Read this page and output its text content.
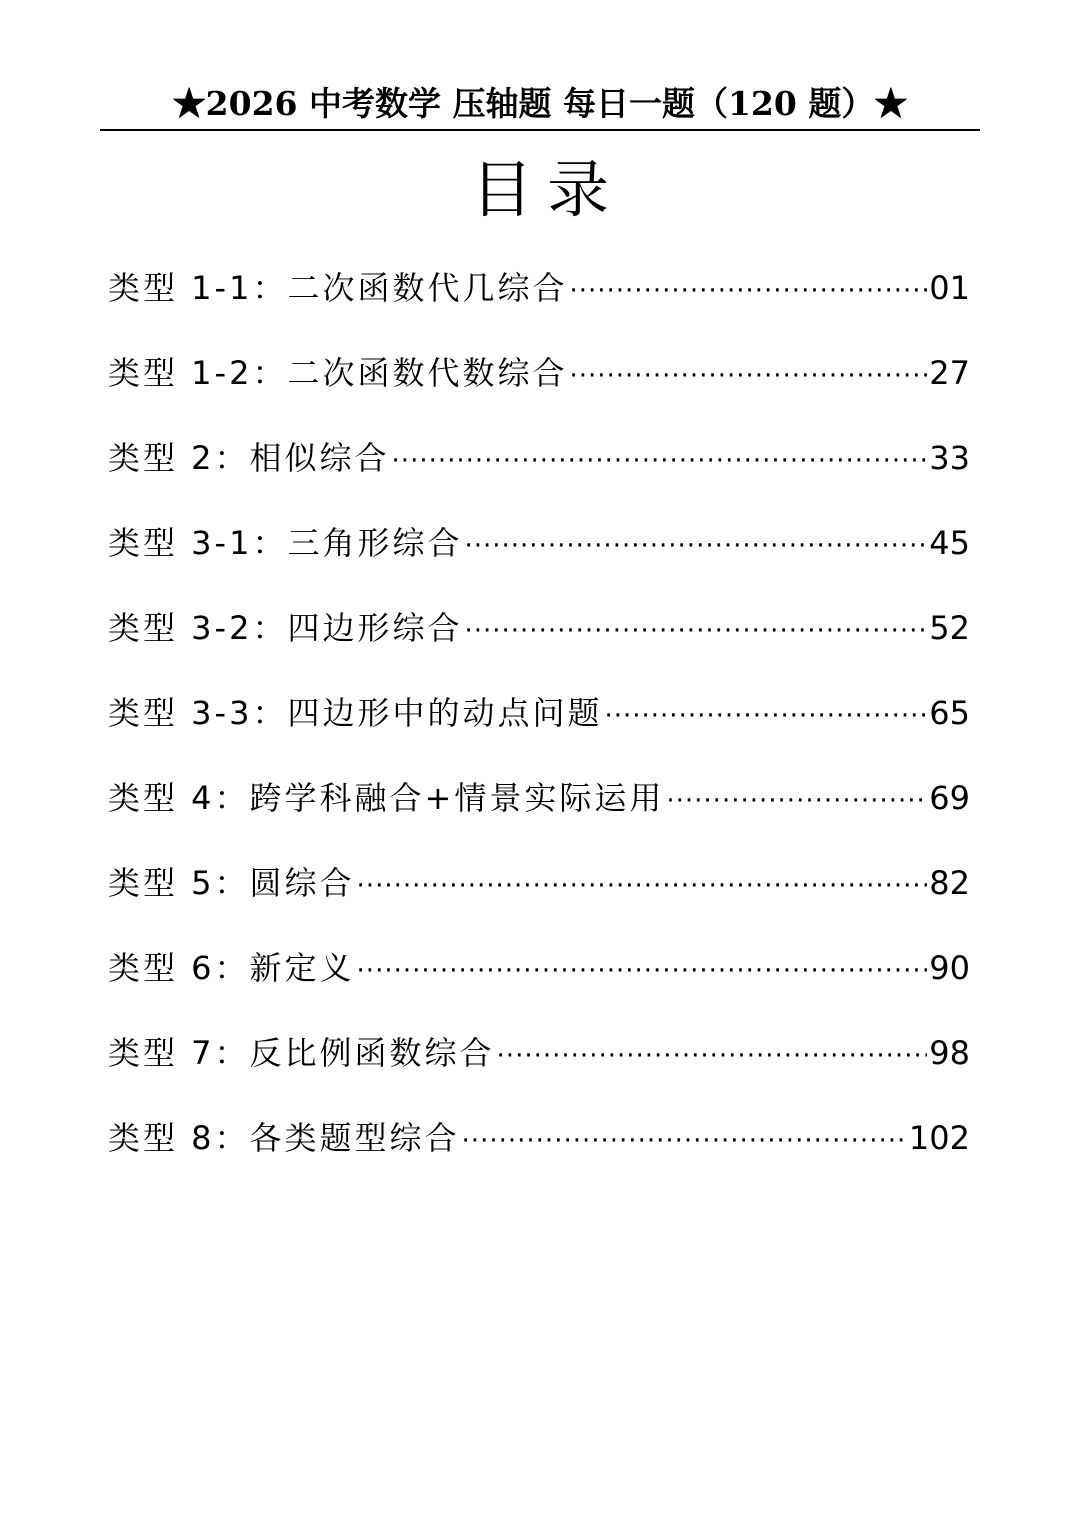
★2026 中考数学 压轴题 每日一题（120 题）★
目录
类型 1-1：二次函数代几综合 ·····	01
类型 1-2：二次函数代数综合 ·····	27
类型 2：相似综合 ·····	33
类型 3-1：三角形综合 ·····	45
类型 3-2：四边形综合 ·····	52
类型 3-3：四边形中的动点问题 ·····	65
类型 4：跨学科融合+情景实际运用 ·····	69
类型 5：圆综合 ·····	82
类型 6：新定义 ·····	90
类型 7：反比例函数综合 ·····	98
类型 8：各类题型综合 ·····	102
